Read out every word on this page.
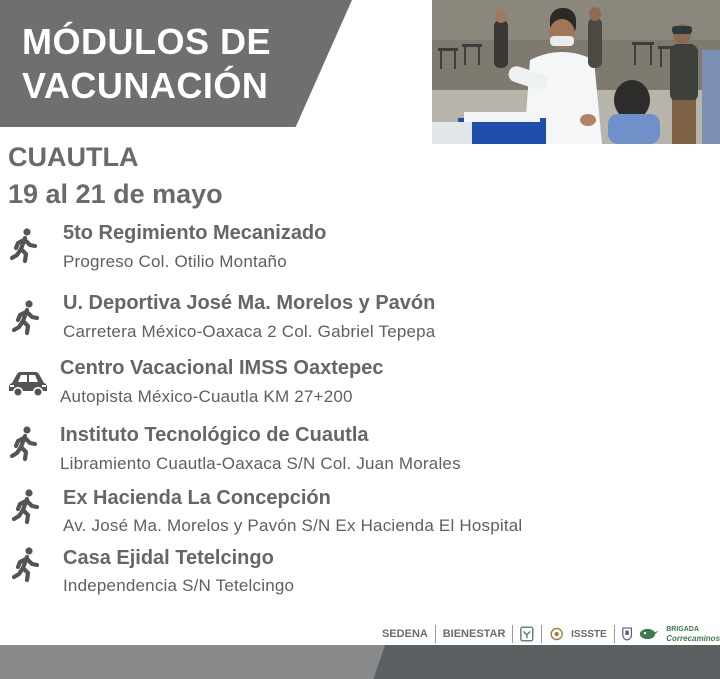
MÓDULOS DE
VACUNACIÓN
CUAUTLA
19 al 21 de mayo
5to Regimiento Mecanizado
Progreso Col. Otilio Montaño
U. Deportiva José Ma. Morelos y Pavón
Carretera México-Oaxaca 2 Col. Gabriel Tepepa
Centro Vacacional IMSS Oaxtepec
Autopista México-Cuautla KM 27+200
Instituto Tecnológico de Cuautla
Libramiento Cuautla-Oaxaca S/N Col. Juan Morales
Ex Hacienda La Concepción
Av. José Ma. Morelos y Pavón S/N Ex Hacienda El Hospital
Casa Ejidal Tetelcingo
Independencia S/N Tetelcingo
SEDENA BIENESTAR	ISSSTE	BRIGADA
Correcaminos
